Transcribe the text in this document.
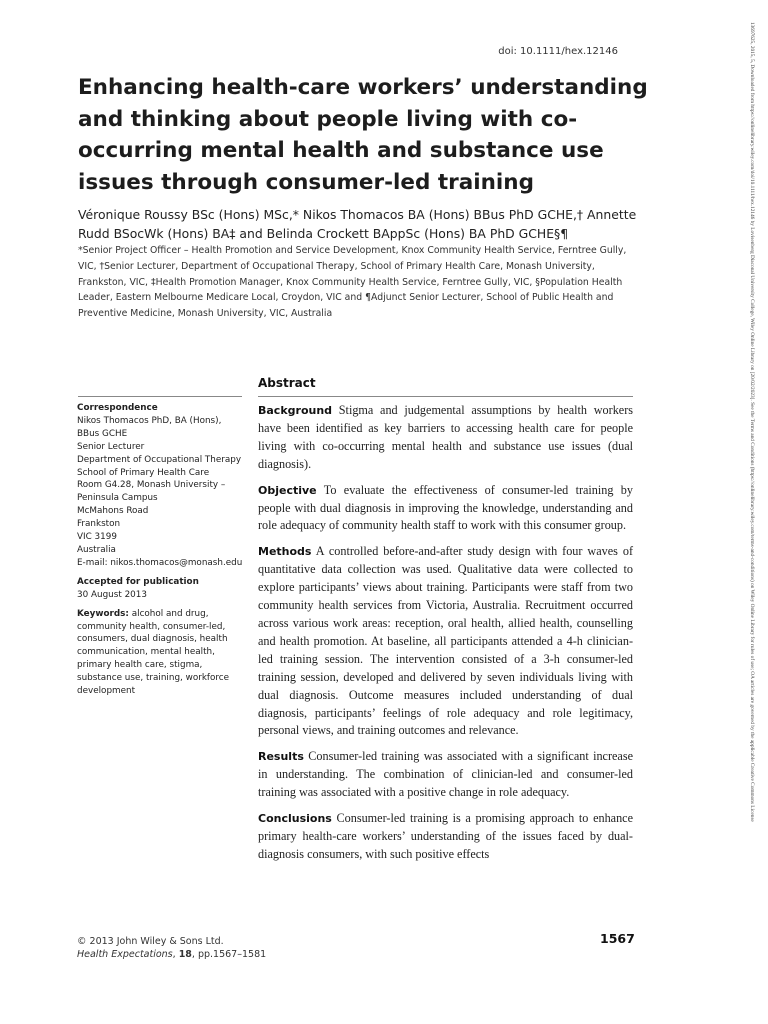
doi: 10.1111/hex.12146
Enhancing health-care workers’ understanding and thinking about people living with co-occurring mental health and substance use issues through consumer-led training

Véronique Roussy BSc (Hons) MSc,* Nikos Thomacos BA (Hons) BBus PhD GCHE,† Annette Rudd BSocWk (Hons) BA‡ and Belinda Crockett BAppSc (Hons) BA PhD GCHE§¶

*Senior Project Officer – Health Promotion and Service Development, Knox Community Health Service, Ferntree Gully, VIC, †Senior Lecturer, Department of Occupational Therapy, School of Primary Health Care, Monash University, Frankston, VIC, ‡Health Promotion Manager, Knox Community Health Service, Ferntree Gully, VIC, §Population Health Leader, Eastern Melbourne Medicare Local, Croydon, VIC and ¶Adjunct Senior Lecturer, School of Public Health and Preventive Medicine, Monash University, VIC, Australia

Abstract
Correspondence
Nikos Thomacos PhD, BA (Hons),
BBus GCHE
Senior Lecturer
Department of Occupational Therapy
School of Primary Health Care
Room G4.28, Monash University –
Peninsula Campus
McMahons Road
Frankston
VIC 3199
Australia
E-mail: nikos.thomacos@monash.edu
Accepted for publication
30 August 2013
Keywords: alcohol and drug,
community health, consumer-led,
consumers, dual diagnosis, health
communication, mental health,
primary health care, stigma,
substance use, training, workforce
development

Background Stigma and judgemental assumptions by health workers have been identified as key barriers to accessing health care for people living with co-occurring mental health and substance use issues (dual diagnosis).

Objective To evaluate the effectiveness of consumer-led training by people with dual diagnosis in improving the knowledge, understanding and role adequacy of community health staff to work with this consumer group.

Methods A controlled before-and-after study design with four waves of quantitative data collection was used. Qualitative data were collected to explore participants’ views about training. Participants were staff from two community health services from Victoria, Australia. Recruitment occurred across various work areas: reception, oral health, allied health, counselling and health promotion. At baseline, all participants attended a 4-h clinician-led training session. The intervention consisted of a 3-h consumer-led training session, developed and delivered by seven individuals living with dual diagnosis. Outcome measures included understanding of dual diagnosis, participants’ feelings of role adequacy and role legitimacy, personal views, and training outcomes and relevance.

Results Consumer-led training was associated with a significant increase in understanding. The combination of clinician-led and consumer-led training was associated with a positive change in role adequacy.

Conclusions Consumer-led training is a promising approach to enhance primary health-care workers’ understanding of the issues faced by dual-diagnosis consumers, with such positive effects

© 2013 John Wiley & Sons Ltd.
Health Expectations, 18, pp.1567–1581
1567
13697625, 2015, 5, Downloaded from https://onlinelibrary.wiley.com/doi/10.1111/hex.12146 by Lovisenberg Diaconal University College, Wiley Online Library on [20/02/2023]. See the Terms and Conditions (https://onlinelibrary.wiley.com/terms-and-conditions) on Wiley Online Library for rules of use; OA articles are governed by the applicable Creative Commons License
